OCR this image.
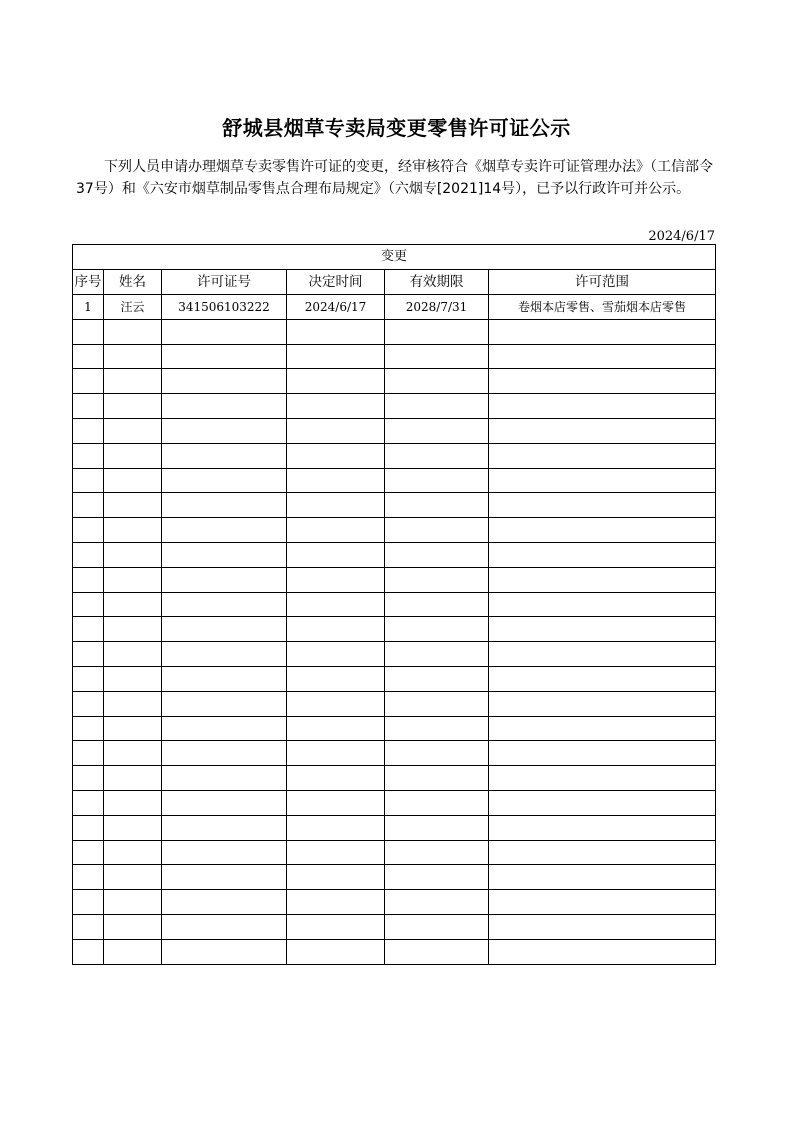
舒城县烟草专卖局变更零售许可证公示

下列人员申请办理烟草专卖零售许可证的变更，经审核符合《烟草专卖许可证管理办法》（工信部令37号）和《六安市烟草制品零售点合理布局规定》（六烟专[2021]14号），已予以行政许可并公示。

2024/6/17
变更					
序号	姓名	许可证号	决定时间	有效期限	许可范围
1	汪云	341506103222	2024/6/17	2028/7/31	卷烟本店零售、雪茄烟本店零售
